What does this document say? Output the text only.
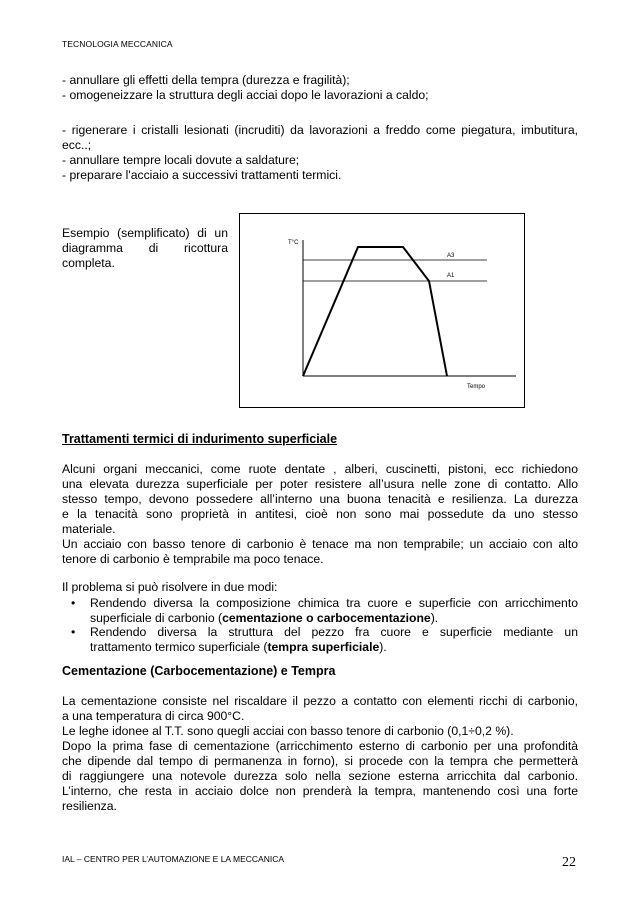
TECNOLOGIA MECCANICA
- annullare gli effetti della tempra (durezza e fragilità);
- omogeneizzare la struttura degli acciai dopo le lavorazioni a caldo;
- rigenerare i cristalli lesionati (incruditi) da lavorazioni a freddo come piegatura, imbutitura,
ecc..;
- annullare tempre locali dovute a saldature;
- preparare l'acciaio a successivi trattamenti termici.
Esempio (semplificato) di un
diagramma di ricottura
completa.
T°C
Tempo
A3
A1
Trattamenti termici di indurimento superficiale
Alcuni organi meccanici, come ruote dentate , alberi, cuscinetti, pistoni, ecc richiedono
una elevata durezza superficiale per poter resistere all’usura nelle zone di contatto. Allo
stesso tempo, devono possedere all’interno una buona tenacità e resilienza. La durezza
e la tenacità sono proprietà in antitesi, cioè non sono mai possedute da uno stesso
materiale.
Un acciaio con basso tenore di carbonio è tenace ma non temprabile; un acciaio con alto
tenore di carbonio è temprabile ma poco tenace.
Il problema si può risolvere in due modi:
• Rendendo diversa la composizione chimica tra cuore e superficie con arricchimento
superficiale di carbonio (cementazione o carbocementazione).
• Rendendo diversa la struttura del pezzo fra cuore e superficie mediante un
trattamento termico superficiale (tempra superficiale).
Cementazione (Carbocementazione) e Tempra
La cementazione consiste nel riscaldare il pezzo a contatto con elementi ricchi di carbonio,
a una temperatura di circa 900°C.
Le leghe idonee al T.T. sono quegli acciai con basso tenore di carbonio (0,1÷0,2 %).
Dopo la prima fase di cementazione (arricchimento esterno di carbonio per una profondità
che dipende dal tempo di permanenza in forno), si procede con la tempra che permetterà
di raggiungere una notevole durezza solo nella sezione esterna arricchita dal carbonio.
L’interno, che resta in acciaio dolce non prenderà la tempra, mantenendo così una forte
resilienza.
IAL – CENTRO PER L’AUTOMAZIONE E LA MECCANICA	22
